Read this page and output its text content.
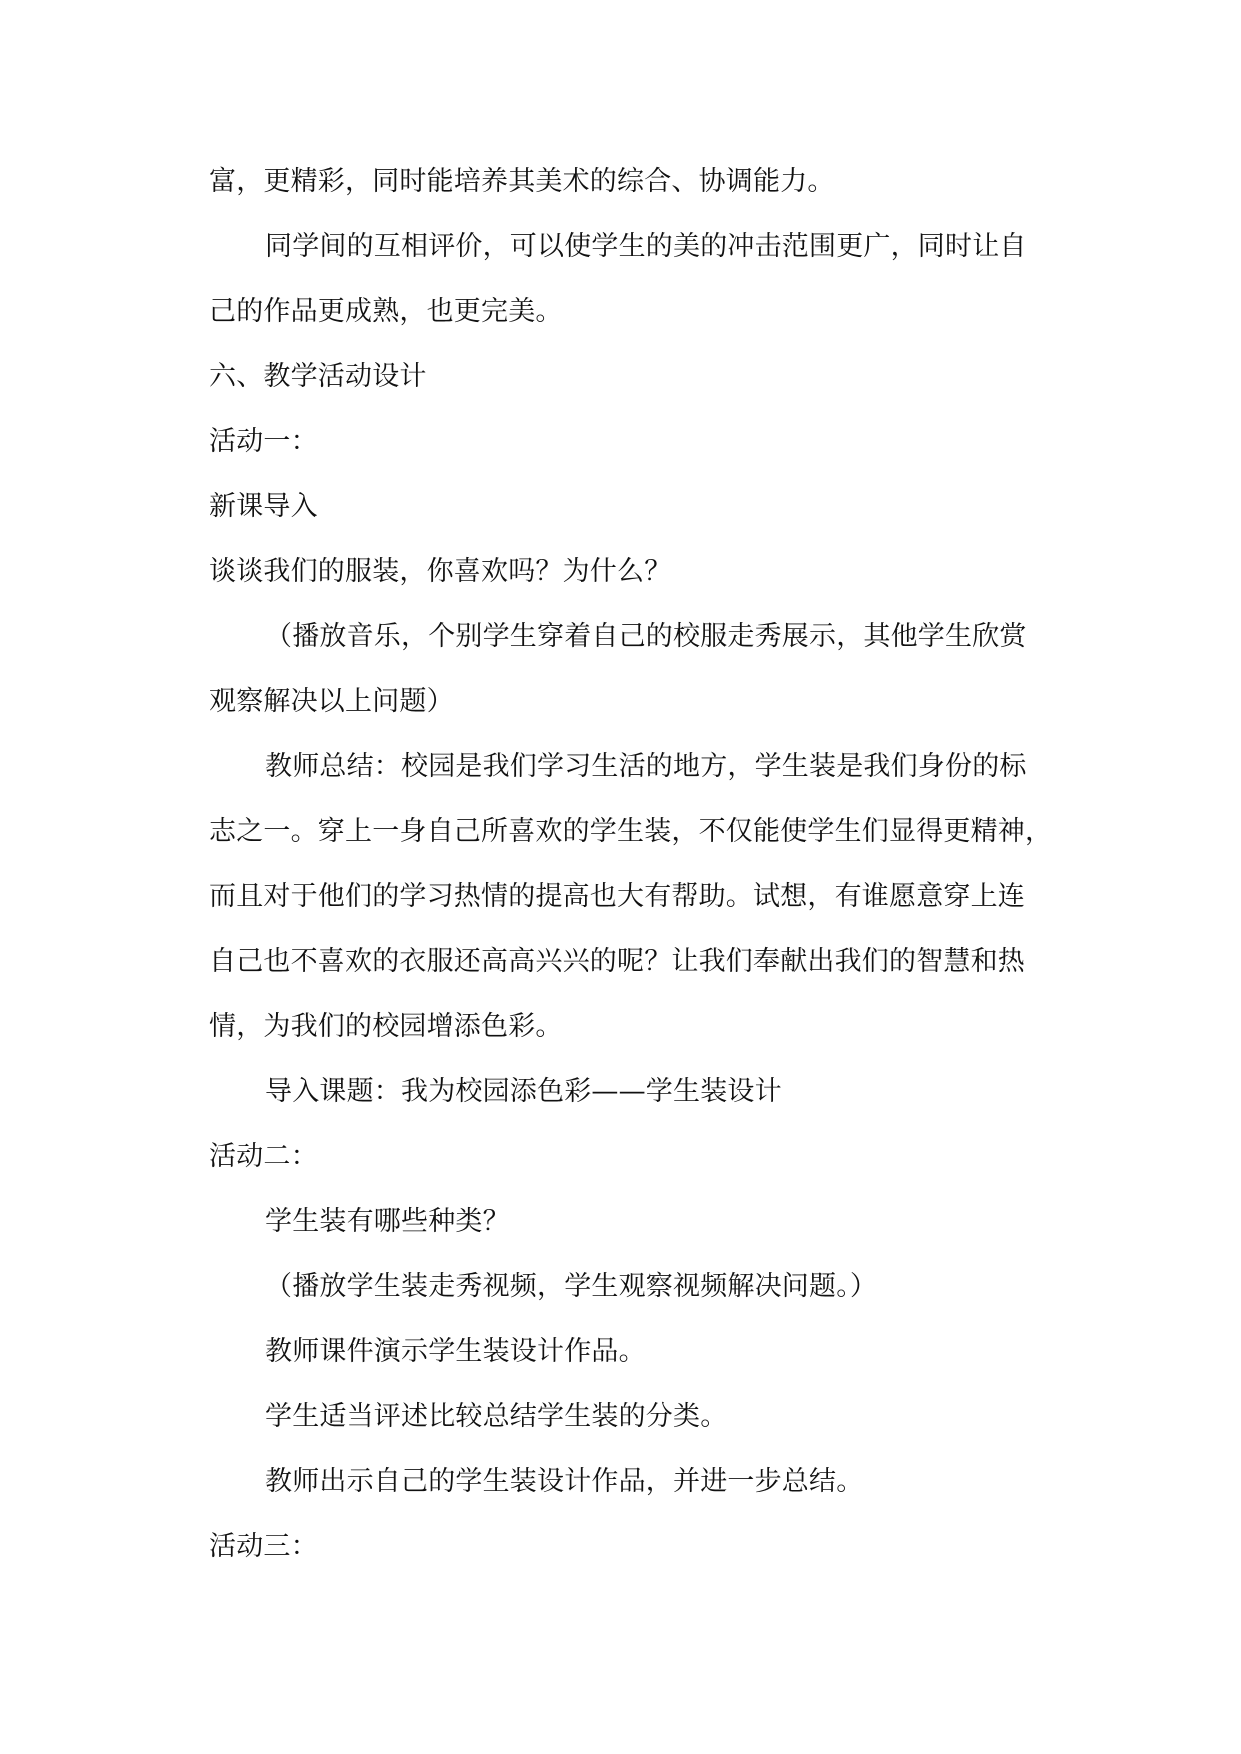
富，更精彩，同时能培养其美术的综合、协调能力。
同学间的互相评价，可以使学生的美的冲击范围更广，同时让自
己的作品更成熟，也更完美。
六、教学活动设计
活动一：
新课导入
谈谈我们的服装，你喜欢吗？为什么？
（播放音乐，个别学生穿着自己的校服走秀展示，其他学生欣赏
观察解决以上问题）
教师总结：校园是我们学习生活的地方，学生装是我们身份的标
志之一。穿上一身自己所喜欢的学生装，不仅能使学生们显得更精神，
而且对于他们的学习热情的提高也大有帮助。试想，有谁愿意穿上连
自己也不喜欢的衣服还高高兴兴的呢？让我们奉献出我们的智慧和热
情，为我们的校园增添色彩。
导入课题：我为校园添色彩——学生装设计
活动二：
学生装有哪些种类？
（播放学生装走秀视频，学生观察视频解决问题。）
教师课件演示学生装设计作品。
学生适当评述比较总结学生装的分类。
教师出示自己的学生装设计作品，并进一步总结。
活动三：
